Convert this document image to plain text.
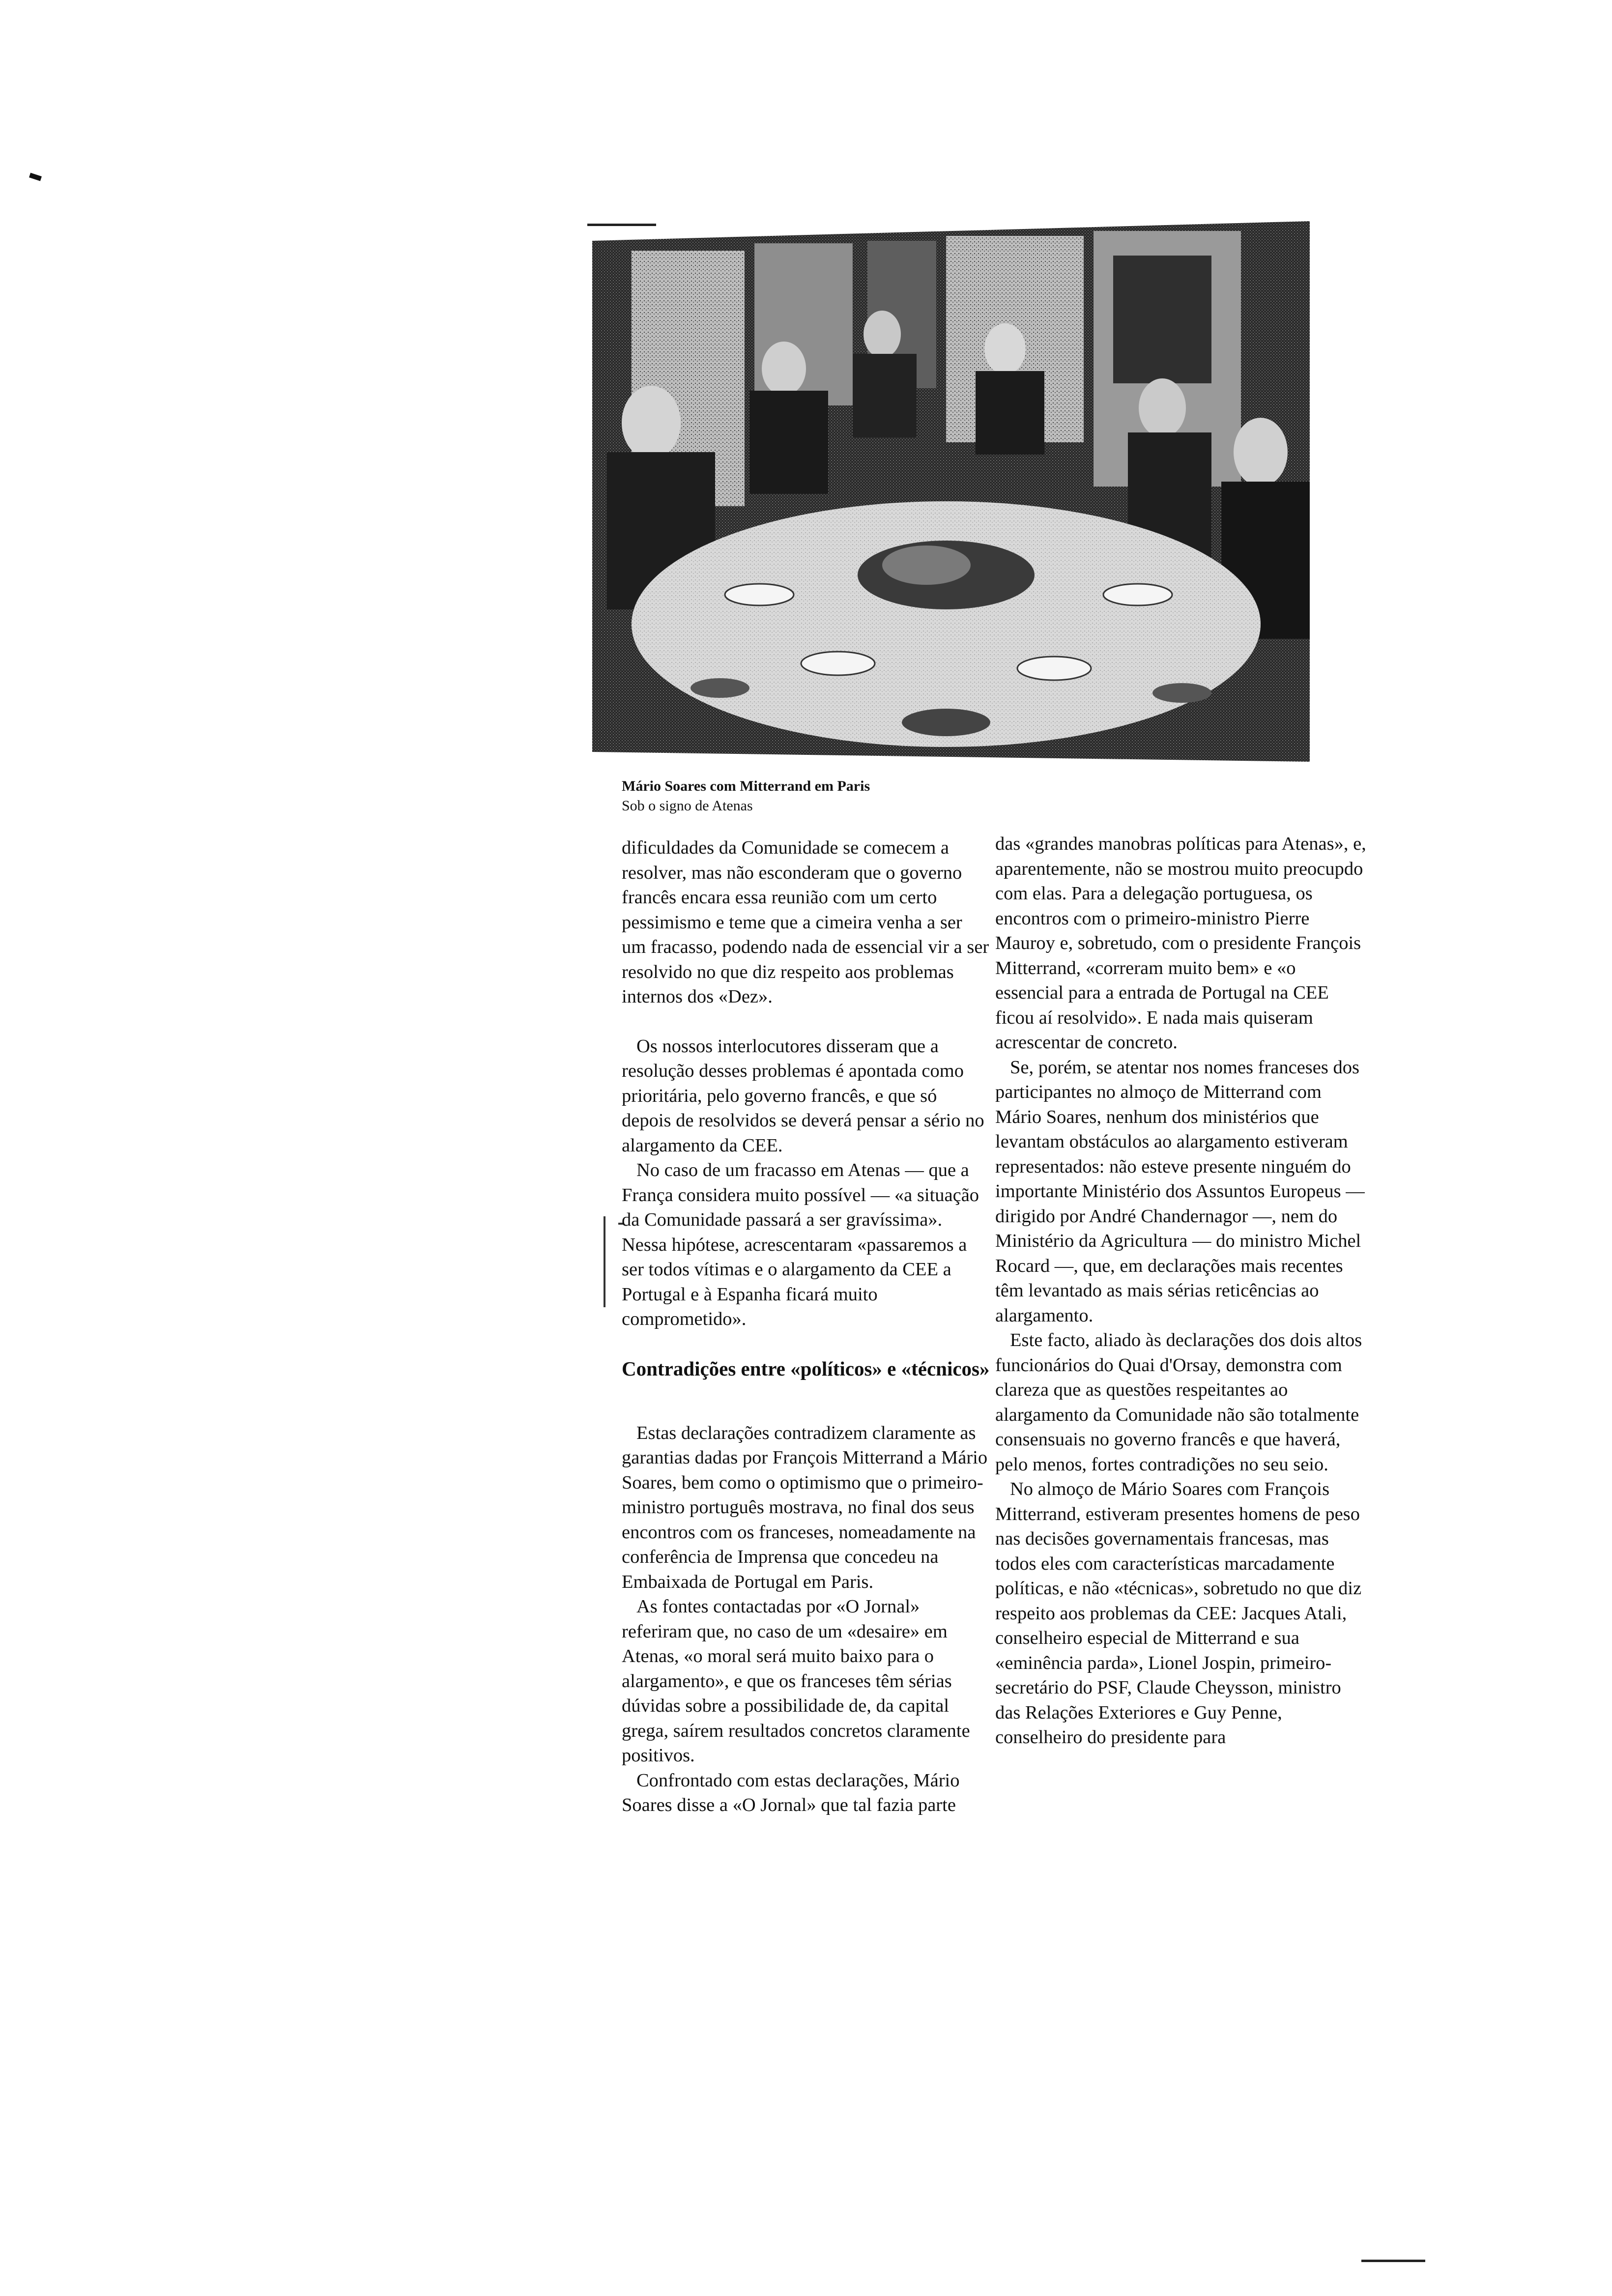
Mário Soares com Mitterrand em Paris
Sob o signo de Atenas

dificuldades da Comunidade se comecem a resolver, mas não esconderam que o governo francês encara essa reunião com um certo pessimismo e teme que a cimeira venha a ser um fracasso, podendo nada de essencial vir a ser resolvido no que diz respeito aos problemas internos dos «Dez».

Os nossos interlocutores disseram que a resolução desses problemas é apontada como prioritária, pelo governo francês, e que só depois de resolvidos se deverá pensar a sério no alargamento da CEE.

No caso de um fracasso em Atenas — que a França considera muito possível — «a situação da Comunidade passará a ser gravíssima». Nessa hipótese, acrescentaram «passaremos a ser todos vítimas e o alargamento da CEE a Portugal e à Espanha ficará muito comprometido».

Contradições entre «políticos» e «técnicos»

Estas declarações contradizem claramente as garantias dadas por François Mitterrand a Mário Soares, bem como o optimismo que o primeiro-ministro português mostrava, no final dos seus encontros com os franceses, nomeadamente na conferência de Imprensa que concedeu na Embaixada de Portugal em Paris.

As fontes contactadas por «O Jornal» referiram que, no caso de um «desaire» em Atenas, «o moral será muito baixo para o alargamento», e que os franceses têm sérias dúvidas sobre a possibilidade de, da capital grega, saírem resultados concretos claramente positivos.

Confrontado com estas declarações, Mário Soares disse a «O Jornal» que tal fazia parte

das «grandes manobras políticas para Atenas», e, aparentemente, não se mostrou muito preocupdo com elas. Para a delegação portuguesa, os encontros com o primeiro-ministro Pierre Mauroy e, sobretudo, com o presidente François Mitterrand, «correram muito bem» e «o essencial para a entrada de Portugal na CEE ficou aí resolvido». E nada mais quiseram acrescentar de concreto.

Se, porém, se atentar nos nomes franceses dos participantes no almoço de Mitterrand com Mário Soares, nenhum dos ministérios que levantam obstáculos ao alargamento estiveram representados: não esteve presente ninguém do importante Ministério dos Assuntos Europeus — dirigido por André Chandernagor —, nem do Ministério da Agricultura — do ministro Michel Rocard —, que, em declarações mais recentes têm levantado as mais sérias reticências ao alargamento.

Este facto, aliado às declarações dos dois altos funcionários do Quai d'Orsay, demonstra com clareza que as questões respeitantes ao alargamento da Comunidade não são totalmente consensuais no governo francês e que haverá, pelo menos, fortes contradições no seu seio.

No almoço de Mário Soares com François Mitterrand, estiveram presentes homens de peso nas decisões governamentais francesas, mas todos eles com características marcadamente políticas, e não «técnicas», sobretudo no que diz respeito aos problemas da CEE: Jacques Atali, conselheiro especial de Mitterrand e sua «eminência parda», Lionel Jospin, primeiro-secretário do PSF, Claude Cheysson, ministro das Relações Exteriores e Guy Penne, conselheiro do presidente para
